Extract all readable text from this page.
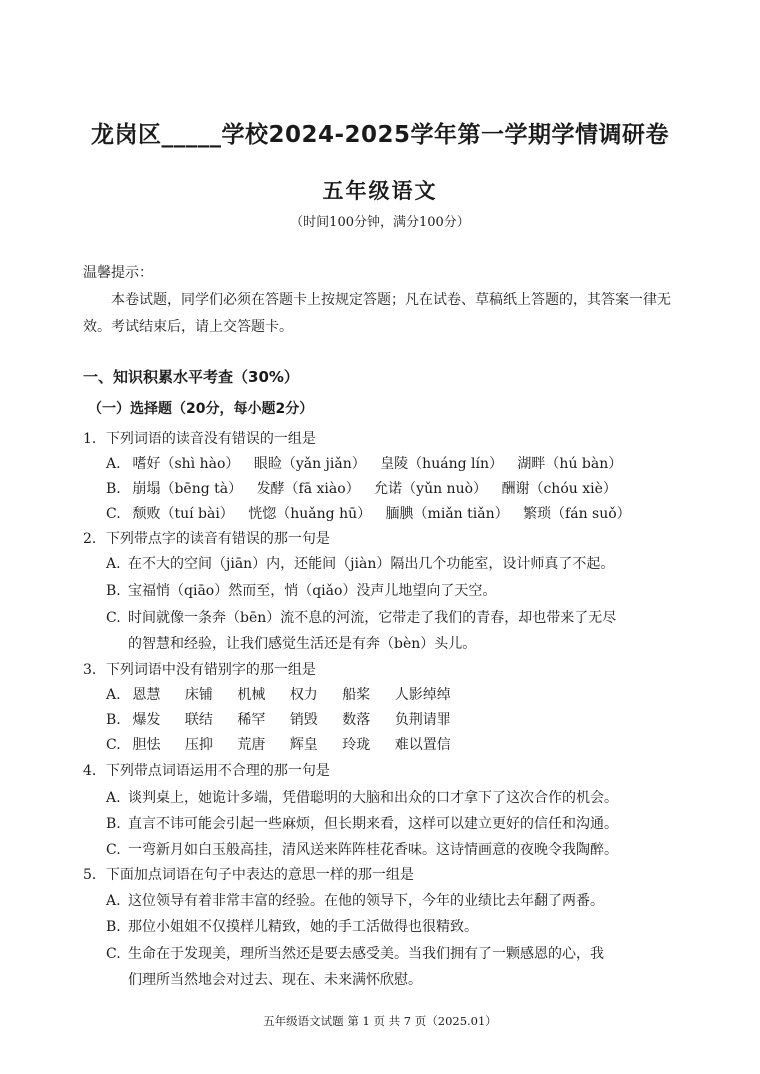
龙岗区_____学校2024-2025学年第一学期学情调研卷
五年级语文
（时间100分钟，满分100分）
温馨提示：
本卷试题，同学们必须在答题卡上按规定答题；凡在试卷、草稿纸上答题的，其答案一律无效。考试结束后，请上交答题卡。
一、知识积累水平考查（30%）
（一）选择题（20分，每小题2分）
1．下列词语的读音没有错误的一组是
A. 嗜好（shì hào） 眼睑（yǎn jiǎn） 皇陵（huáng lín） 湖畔（hú bàn）
B. 崩塌（bēng tà） 发酵（fā xiào） 允诺（yǔn nuò） 酬谢（chóu xiè）
C. 颓败（tuí bài） 恍惚（huǎng hū） 腼腆（miǎn tiǎn） 繁琐（fán suǒ）
2．下列带点字的读音有错误的那一句是
A. 在不大的空间（jiān）内，还能间（jiàn）隔出几个功能室，设计师真了不起。
B. 宝福悄（qiāo）然而至，悄（qiǎo）没声儿地望向了天空。
C. 时间就像一条奔（bēn）流不息的河流，它带走了我们的青春，却也带来了无尽
的智慧和经验，让我们感觉生活还是有奔（bèn）头儿。
3．下列词语中没有错别字的那一组是
A. 恩慧 床铺 机械 权力 船桨 人影绰绰
B. 爆发 联结 稀罕 销毁 数落 负荆请罪
C. 胆怯 压抑 荒唐 辉皇 玲珑 难以置信
4．下列带点词语运用不合理的那一句是
A. 谈判桌上，她诡计多端，凭借聪明的大脑和出众的口才拿下了这次合作的机会。
B. 直言不讳可能会引起一些麻烦，但长期来看，这样可以建立更好的信任和沟通。
C. 一弯新月如白玉般高挂，清风送来阵阵桂花香味。这诗情画意的夜晚令我陶醉。
5．下面加点词语在句子中表达的意思一样的那一组是
A. 这位领导有着非常丰富的经验。在他的领导下，今年的业绩比去年翻了两番。
B. 那位小姐姐不仅摸样儿精致，她的手工活做得也很精致。
C. 生命在于发现美，理所当然还是要去感受美。当我们拥有了一颗感恩的心，我
们理所当然地会对过去、现在、未来满怀欣慰。
五年级语文试题 第 1 页 共 7 页（2025.01）
